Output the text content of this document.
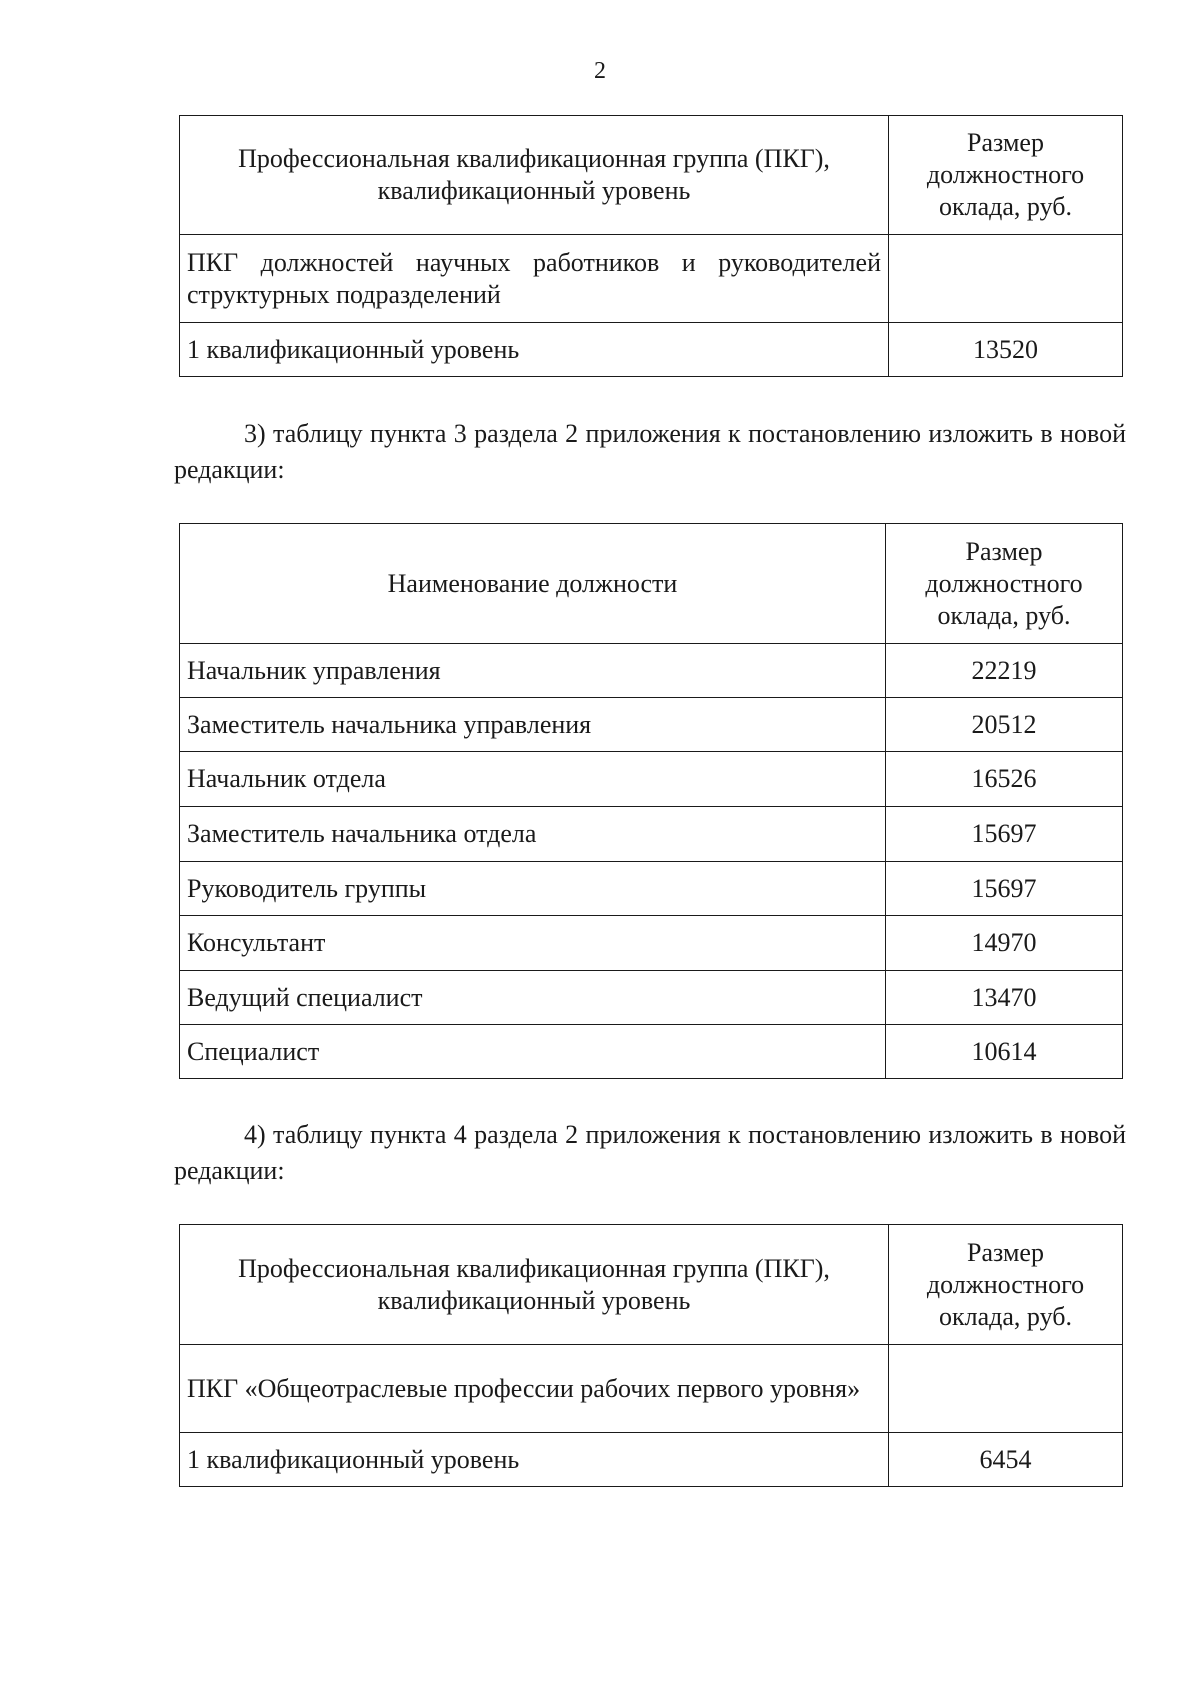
2
Профессиональная квалификационная группа (ПКГ), квалификационный уровень	Размер должностного оклада, руб.
ПКГ должностей научных работников и руководителей структурных подразделений	
1 квалификационный уровень	13520

3) таблицу пункта 3 раздела 2 приложения к постановлению изложить в новой редакции:

Наименование должности	Размер должностного оклада, руб.
Начальник управления	22219
Заместитель начальника управления	20512
Начальник отдела	16526
Заместитель начальника отдела	15697
Руководитель группы	15697
Консультант	14970
Ведущий специалист	13470
Специалист	10614

4) таблицу пункта 4 раздела 2 приложения к постановлению изложить в новой редакции:

Профессиональная квалификационная группа (ПКГ), квалификационный уровень	Размер должностного оклада, руб.
ПКГ «Общеотраслевые профессии рабочих первого уровня»	
1 квалификационный уровень	6454
